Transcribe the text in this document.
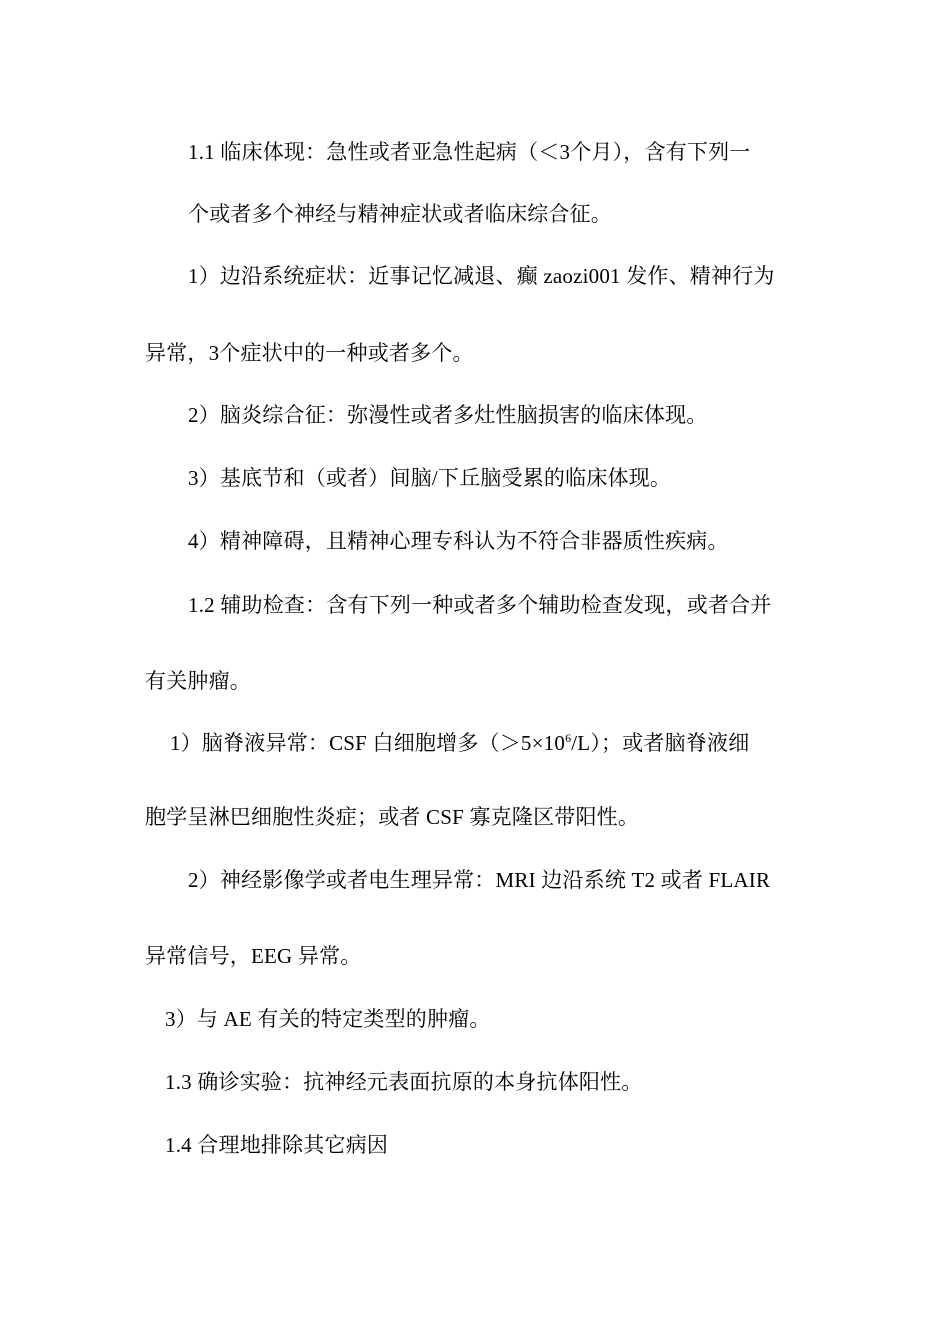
1.1 临床体现：急性或者亚急性起病（＜3个月），含有下列一
个或者多个神经与精神症状或者临床综合征。
1）边沿系统症状：近事记忆减退、癫 zaozi001 发作、精神行为
异常，3个症状中的一种或者多个。
2）脑炎综合征：弥漫性或者多灶性脑损害的临床体现。
3）基底节和（或者）间脑/下丘脑受累的临床体现。
4）精神障碍，且精神心理专科认为不符合非器质性疾病。
1.2 辅助检查：含有下列一种或者多个辅助检查发现，或者合并
有关肿瘤。
1）脑脊液异常：CSF 白细胞增多$(>5\times 10^6/L)$；或者脑脊液细
胞学呈淋巴细胞性炎症；或者 CSF 寡克隆区带阳性。
2）神经影像学或者电生理异常：MRI 边沿系统 T2 或者 FLAIR
异常信号，EEG 异常。
3）与 AE 有关的特定类型的肿瘤。
1.3 确诊实验：抗神经元表面抗原的本身抗体阳性。
1.4 合理地排除其它病因
